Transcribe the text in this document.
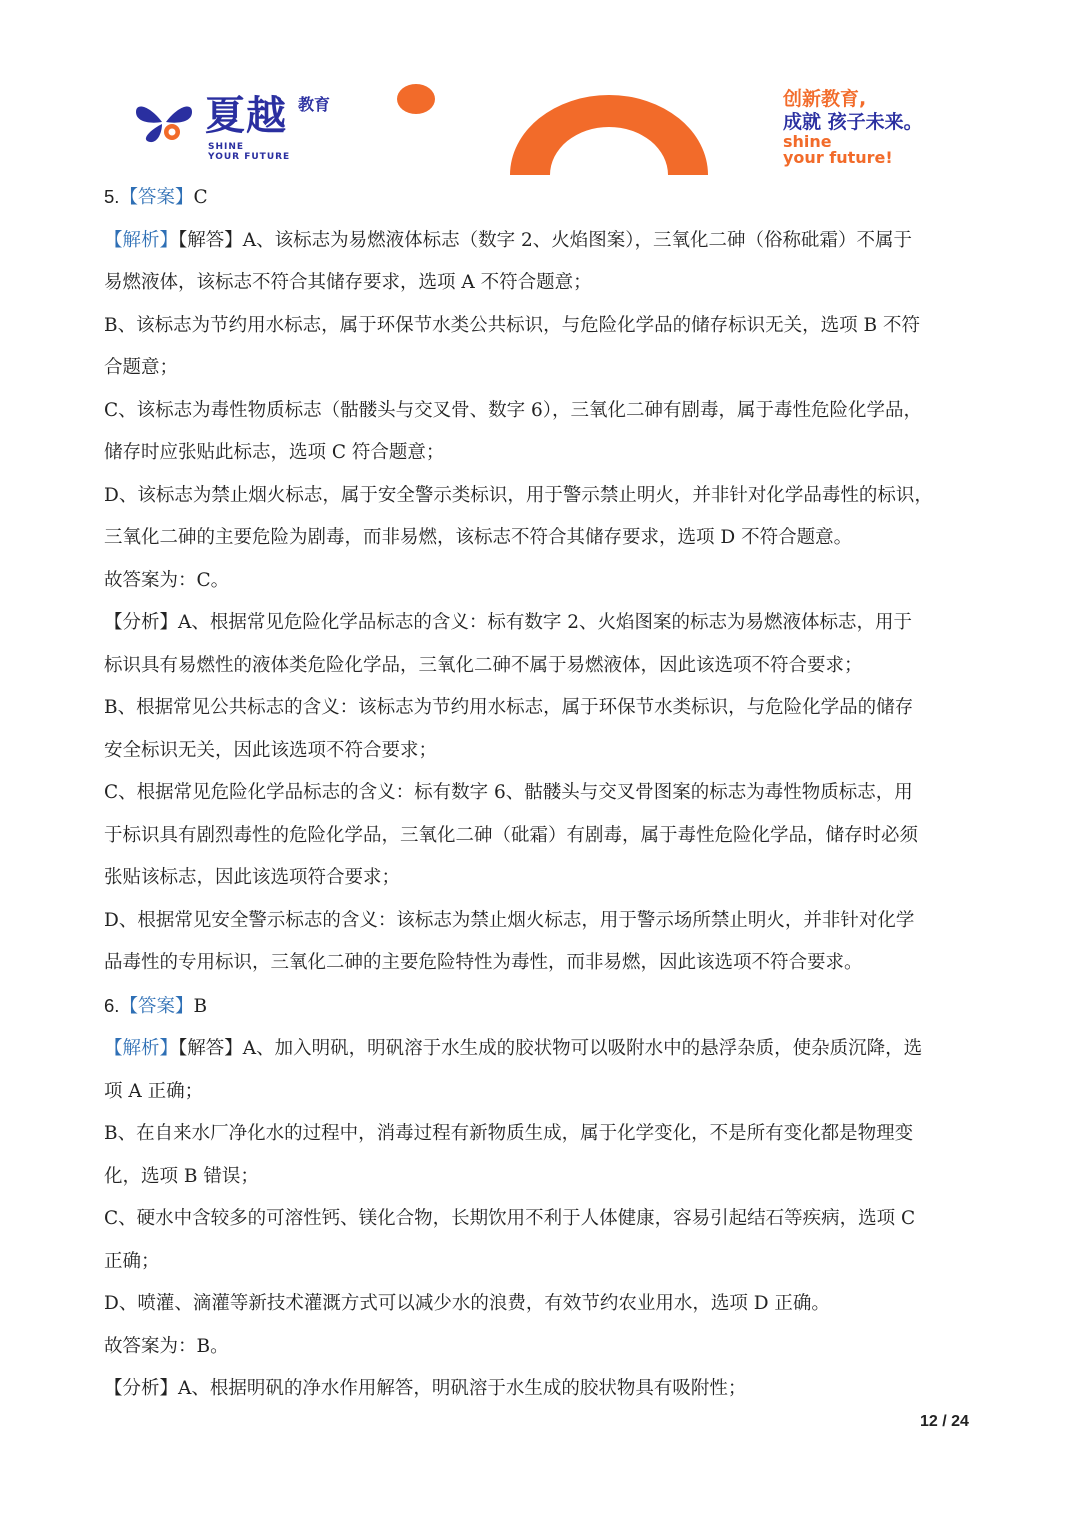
夏越 教育
SHINE
YOUR FUTURE
创新教育,
成就 孩子未来。
shine
your future!

5.【答案】C

【解析】【解答】A、该标志为易燃液体标志（数字 2、火焰图案），三氧化二砷（俗称砒霜）不属于

易燃液体，该标志不符合其储存要求，选项 A 不符合题意；

B、该标志为节约用水标志，属于环保节水类公共标识，与危险化学品的储存标识无关，选项 B 不符

合题意；

C、该标志为毒性物质标志（骷髅头与交叉骨、数字 6），三氧化二砷有剧毒，属于毒性危险化学品，

储存时应张贴此标志，选项 C 符合题意；

D、该标志为禁止烟火标志，属于安全警示类标识，用于警示禁止明火，并非针对化学品毒性的标识，

三氧化二砷的主要危险为剧毒，而非易燃，该标志不符合其储存要求，选项 D 不符合题意。

故答案为：C。

【分析】A、根据常见危险化学品标志的含义：标有数字 2、火焰图案的标志为易燃液体标志，用于

标识具有易燃性的液体类危险化学品，三氧化二砷不属于易燃液体，因此该选项不符合要求；

B、根据常见公共标志的含义：该标志为节约用水标志，属于环保节水类标识，与危险化学品的储存

安全标识无关，因此该选项不符合要求；

C、根据常见危险化学品标志的含义：标有数字 6、骷髅头与交叉骨图案的标志为毒性物质标志，用

于标识具有剧烈毒性的危险化学品，三氧化二砷（砒霜）有剧毒，属于毒性危险化学品，储存时必须

张贴该标志，因此该选项符合要求；

D、根据常见安全警示标志的含义：该标志为禁止烟火标志，用于警示场所禁止明火，并非针对化学

品毒性的专用标识，三氧化二砷的主要危险特性为毒性，而非易燃，因此该选项不符合要求。

6.【答案】B

【解析】【解答】A、加入明矾，明矾溶于水生成的胶状物可以吸附水中的悬浮杂质，使杂质沉降，选

项 A 正确；

B、在自来水厂净化水的过程中，消毒过程有新物质生成，属于化学变化，不是所有变化都是物理变

化，选项 B 错误；

C、硬水中含较多的可溶性钙、镁化合物，长期饮用不利于人体健康，容易引起结石等疾病，选项 C

正确；

D、喷灌、滴灌等新技术灌溉方式可以减少水的浪费，有效节约农业用水，选项 D 正确。

故答案为：B。

【分析】A、根据明矾的净水作用解答，明矾溶于水生成的胶状物具有吸附性；

12 / 24
